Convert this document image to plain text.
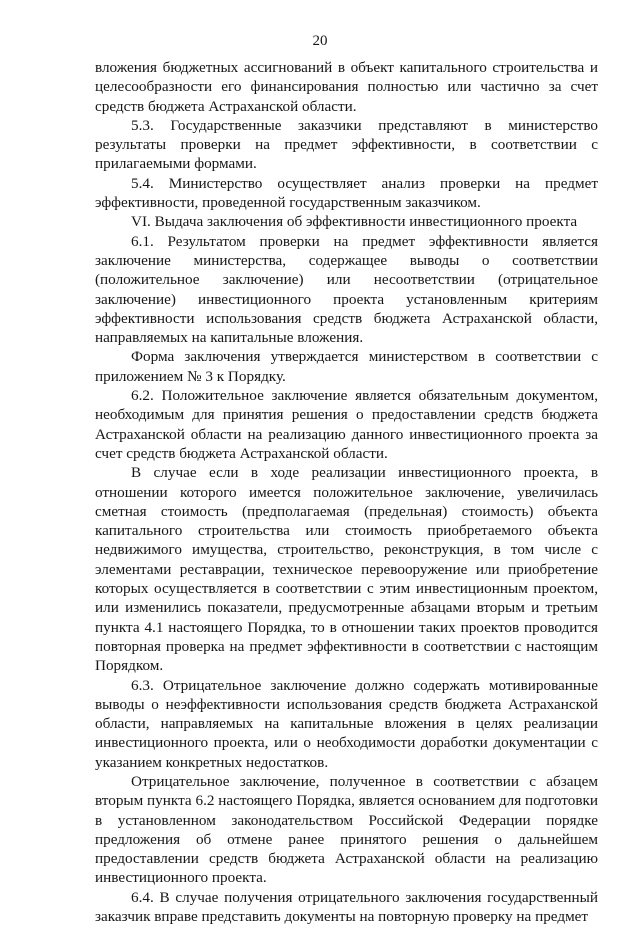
20

вложения бюджетных ассигнований в объект капитального строительства и целесообразности его финансирования полностью или частично за счет средств бюджета Астраханской области.

5.3. Государственные заказчики представляют в министерство результаты проверки на предмет эффективности, в соответствии с прилагаемыми формами.

5.4. Министерство осуществляет анализ проверки на предмет эффективности, проведенной государственным заказчиком.

VI. Выдача заключения об эффективности инвестиционного проекта

6.1. Результатом проверки на предмет эффективности является заключение министерства, содержащее выводы о соответствии (положительное заключение) или несоответствии (отрицательное заключение) инвестиционного проекта установленным критериям эффективности использования средств бюджета Астраханской области, направляемых на капитальные вложения.

Форма заключения утверждается министерством в соответствии с приложением № 3 к Порядку.

6.2. Положительное заключение является обязательным документом, необходимым для принятия решения о предоставлении средств бюджета Астраханской области на реализацию данного инвестиционного проекта за счет средств бюджета Астраханской области.

В случае если в ходе реализации инвестиционного проекта, в отношении которого имеется положительное заключение, увеличилась сметная стоимость (предполагаемая (предельная) стоимость) объекта капитального строительства или стоимость приобретаемого объекта недвижимого имущества, строительство, реконструкция, в том числе с элементами реставрации, техническое перевооружение или приобретение которых осуществляется в соответствии с этим инвестиционным проектом, или изменились показатели, предусмотренные абзацами вторым и третьим пункта 4.1 настоящего Порядка, то в отношении таких проектов проводится повторная проверка на предмет эффективности в соответствии с настоящим Порядком.

6.3. Отрицательное заключение должно содержать мотивированные выводы о неэффективности использования средств бюджета Астраханской области, направляемых на капитальные вложения в целях реализации инвестиционного проекта, или о необходимости доработки документации с указанием конкретных недостатков.

Отрицательное заключение, полученное в соответствии с абзацем вторым пункта 6.2 настоящего Порядка, является основанием для подготовки в установленном законодательством Российской Федерации порядке предложения об отмене ранее принятого решения о дальнейшем предоставлении средств бюджета Астраханской области на реализацию инвестиционного проекта.

6.4. В случае получения отрицательного заключения государственный заказчик вправе представить документы на повторную проверку на предмет
